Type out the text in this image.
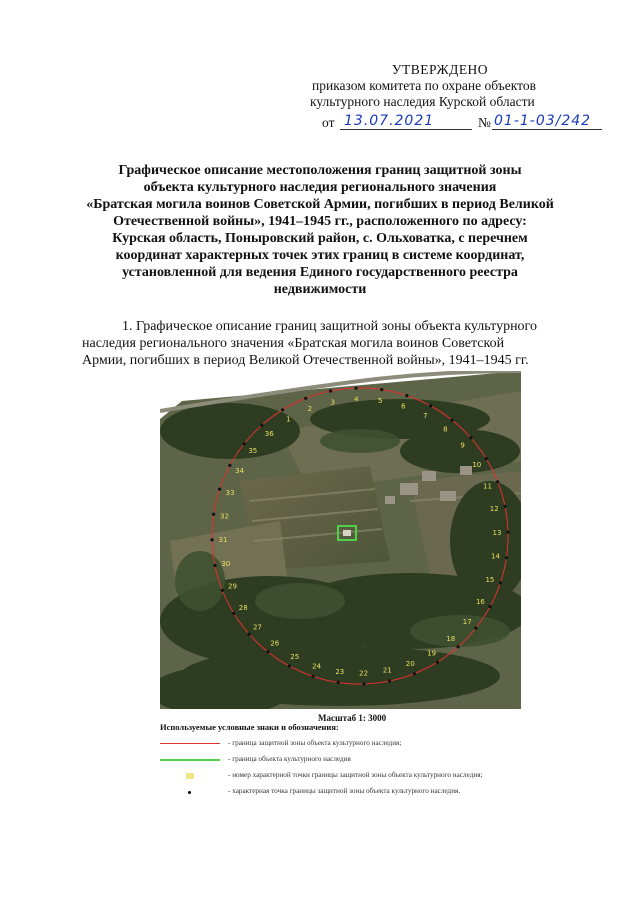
УТВЕРЖДЕНО
приказом комитета по охране объектов
культурного наследия Курской области
от 13.07.2021	№ 01-1-03/242
Графическое описание местоположения границ защитной зоны
объекта культурного наследия регионального значения
«Братская могила воинов Советской Армии, погибших в период Великой
Отечественной войны», 1941–1945 гг., расположенного по адресу:
Курская область, Поныровский район, с. Ольховатка, с перечнем
координат характерных точек этих границ в системе координат,
установленной для ведения Единого государственного реестра
недвижимости
1. Графическое описание границ защитной зоны объекта культурного
наследия регионального значения «Братская могила воинов Советской
Армии, погибших в период Великой Отечественной войны», 1941–1945 гг.
1
2
3	4	5
6
7
8
9
10
11
12
13
14
15
16
17
18
19
20
21
22
23
24
25
26
27
28
29
30
31
32
33
34
35
36
Масштаб 1: 3000
Используемые условные знаки и обозначения:
- граница защитной зоны объекта культурного наследия;
- граница объекта культурного наследия
- номер характерной точки границы защитной зоны объекта культурного наследия;
- характерная точка границы защитной зоны объекта культурного наследия.
